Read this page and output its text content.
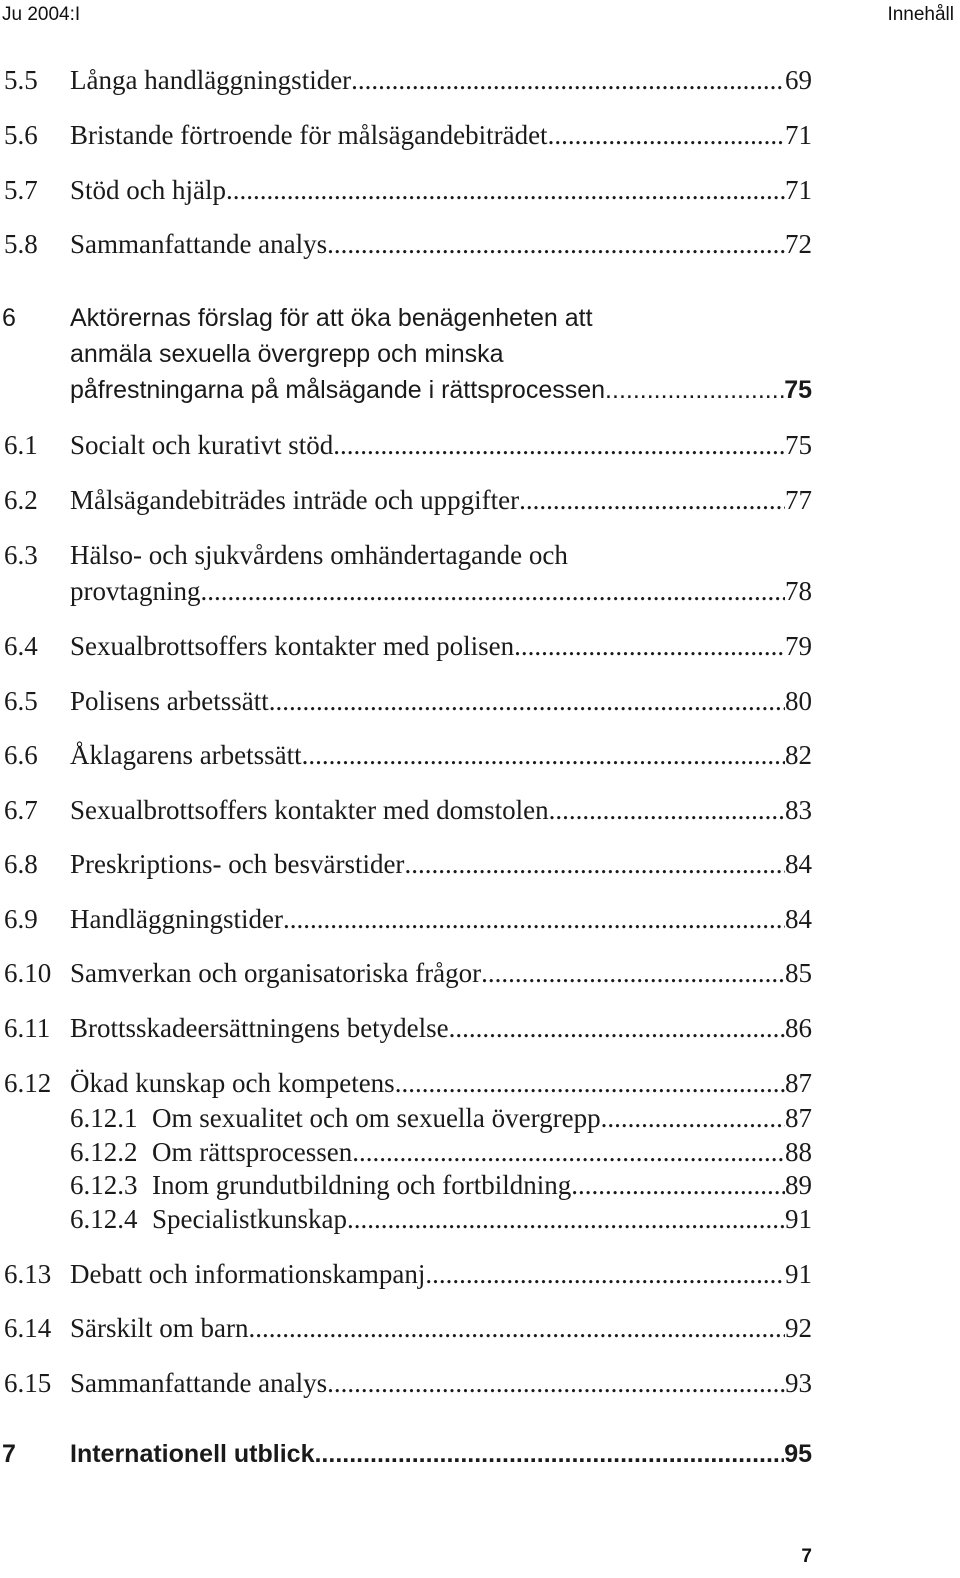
Ju 2004:I	Innehåll
5.5 Långa handläggningstider .....	69
5.6 Bristande förtroende för målsägandebiträdet .....	71
5.7 Stöd och hjälp .....	71
5.8 Sammanfattande analys .....	72
6 Aktörernas förslag för att öka benägenheten att
anmäla sexuella övergrepp och minska
påfrestningarna på målsägande i rättsprocessen .....	75
6.1 Socialt och kurativt stöd .....	75
6.2 Målsägandebiträdes inträde och uppgifter .....	77
6.3 Hälso- och sjukvårdens omhändertagande och
provtagning .....	78
6.4 Sexualbrottsoffers kontakter med polisen .....	79
6.5 Polisens arbetssätt .....	80
6.6 Åklagarens arbetssätt .....	82
6.7 Sexualbrottsoffers kontakter med domstolen .....	83
6.8 Preskriptions- och besvärstider .....	84
6.9 Handläggningstider .....	84
6.10 Samverkan och organisatoriska frågor .....	85
6.11 Brottsskadeersättningens betydelse .....	86
6.12 Ökad kunskap och kompetens .....	87
6.12.1 Om sexualitet och om sexuella övergrepp .....	87
6.12.2 Om rättsprocessen .....	88
6.12.3 Inom grundutbildning och fortbildning .....	89
6.12.4 Specialistkunskap .....	91
6.13 Debatt och informationskampanj .....	91
6.14 Särskilt om barn .....	92
6.15 Sammanfattande analys .....	93
7 Internationell utblick .....	95
7
